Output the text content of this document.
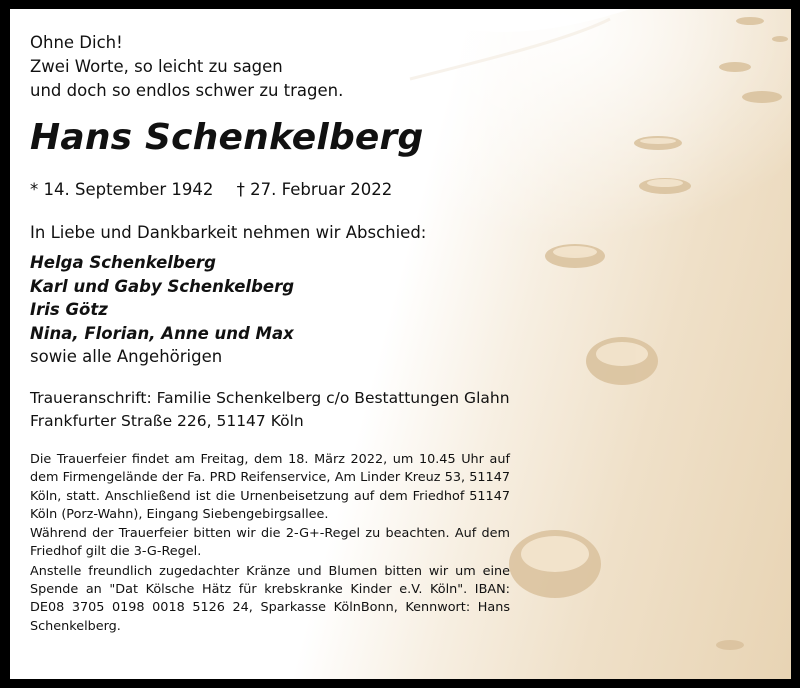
Ohne Dich!
Zwei Worte, so leicht zu sagen
und doch so endlos schwer zu tragen.
Hans Schenkelberg
* 14. September 1942 † 27. Februar 2022
In Liebe und Dankbarkeit nehmen wir Abschied:
Helga Schenkelberg
Karl und Gaby Schenkelberg
Iris Götz
Nina, Florian, Anne und Max
sowie alle Angehörigen
Traueranschrift: Familie Schenkelberg c/o Bestattungen Glahn
Frankfurter Straße 226, 51147 Köln

Die Trauerfeier findet am Freitag, dem 18. März 2022, um 10.45 Uhr auf dem Firmengelände der Fa. PRD Reifenservice, Am Linder Kreuz 53, 51147 Köln, statt. Anschließend ist die Urnenbeisetzung auf dem Friedhof 51147 Köln (Porz-Wahn), Eingang Siebengebirgsallee.

Während der Trauerfeier bitten wir die 2-G+-Regel zu beachten. Auf dem Friedhof gilt die 3-G-Regel.

Anstelle freundlich zugedachter Kränze und Blumen bitten wir um eine Spende an "Dat Kölsche Hätz für krebskranke Kinder e.V. Köln". IBAN: DE08 3705 0198 0018 5126 24, Sparkasse KölnBonn, Kennwort: Hans Schenkelberg.
